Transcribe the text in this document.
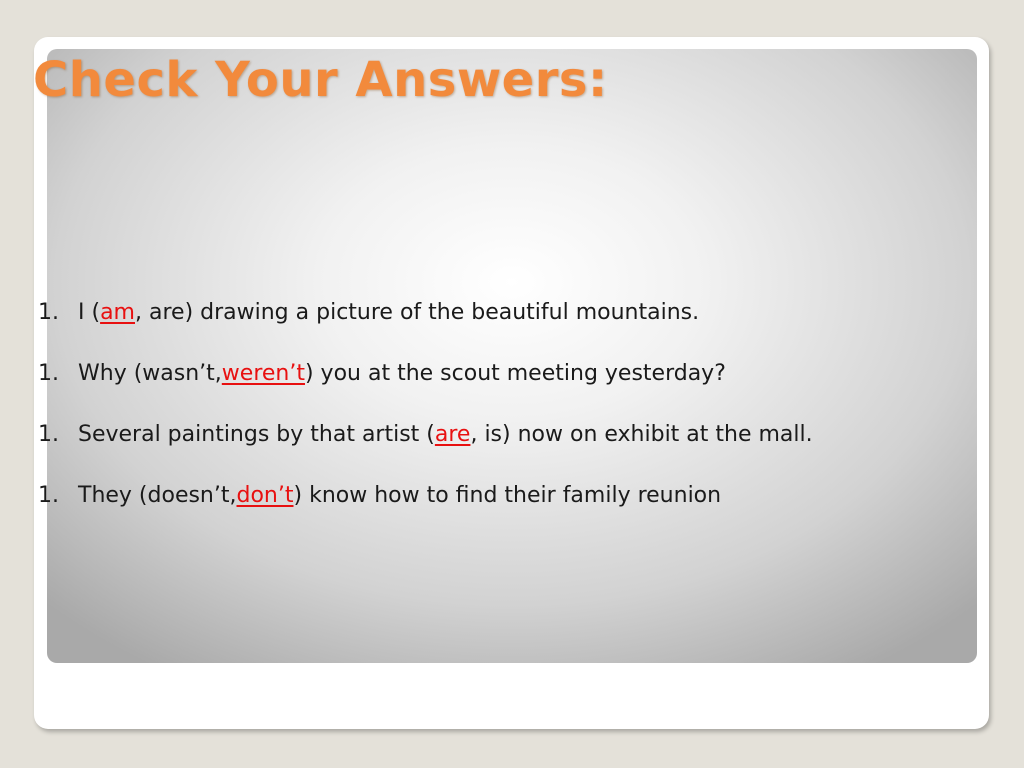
Check Your Answers:
1. I ( am , are) drawing a picture of the beautiful mountains.
1. Why (wasn’t, weren’t ) you at the scout meeting yesterday?
1. Several paintings by that artist ( are , is) now on exhibit at the mall.
1. They (doesn’t, don’t ) know how to find their family reunion
